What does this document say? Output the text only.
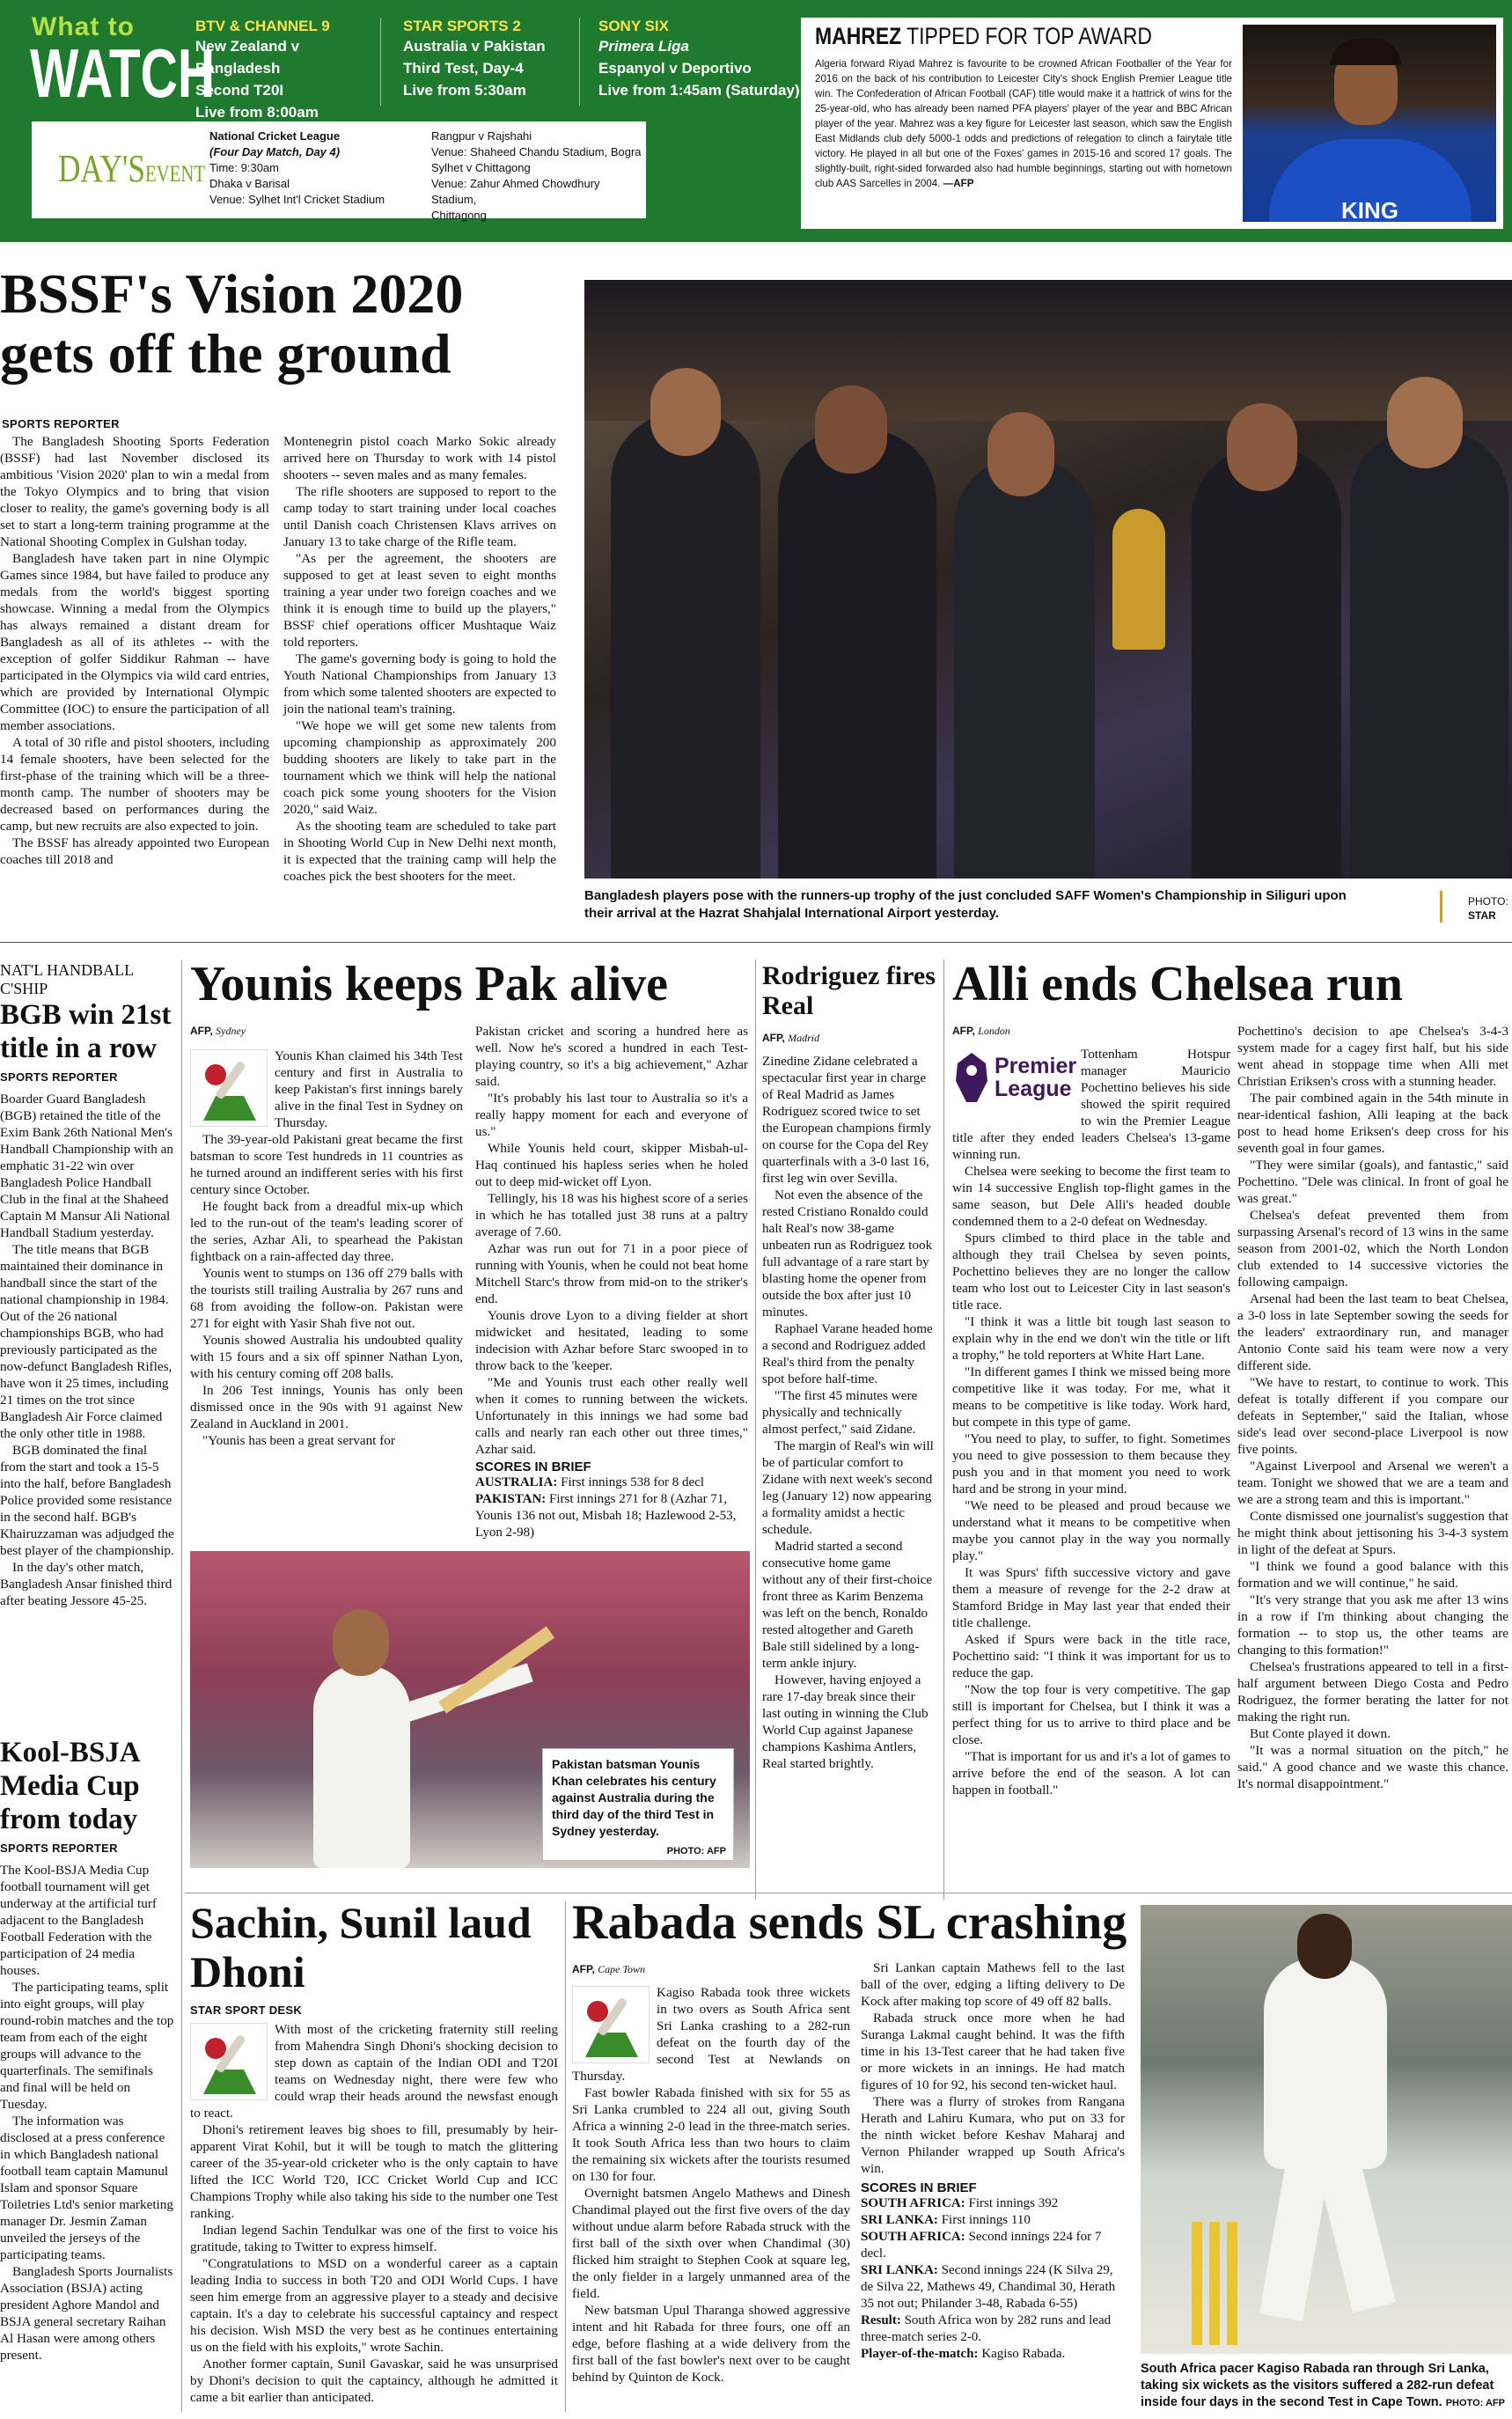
What to
WATCH
BTV & CHANNEL 9
New Zealand v Bangladesh
Second T20I
Live from 8:00am
STAR SPORTS 2
Australia v Pakistan
Third Test, Day-4
Live from 5:30am
SONY SIX
Primera Liga
Espanyol v Deportivo
Live from 1:45am (Saturday)
DAY'SEVENT
National Cricket League
(Four Day Match, Day 4)
Time: 9:30am
Dhaka v Barisal
Venue: Sylhet Int'l Cricket Stadium
Rangpur v Rajshahi
Venue: Shaheed Chandu Stadium, Bogra
Sylhet v Chittagong
Venue: Zahur Ahmed Chowdhury Stadium,
Chittagong
MAHREZ TIPPED FOR TOP AWARD
Algeria forward Riyad Mahrez is favourite to be crowned African Footballer of the Year for 2016 on the back of his contribution to Leicester City's shock English Premier League title win. The Confederation of African Football (CAF) title would make it a hattrick of wins for the 25-year-old, who has already been named PFA players' player of the year and BBC African player of the year. Mahrez was a key figure for Leicester last season, which saw the English East Midlands club defy 5000-1 odds and predictions of relegation to clinch a fairytale title victory. He played in all but one of the Foxes' games in 2015-16 and scored 17 goals. The slightly-built, right-sided forwarded also had humble beginnings, starting out with hometown club AAS Sarcelles in 2004. —AFP
KING
BSSF's Vision 2020 gets off the ground
SPORTS REPORTER

The Bangladesh Shooting Sports Federation (BSSF) had last November disclosed its ambitious 'Vision 2020' plan to win a medal from the Tokyo Olympics and to bring that vision closer to reality, the game's governing body is all set to start a long-term training programme at the National Shooting Complex in Gulshan today.

Bangladesh have taken part in nine Olympic Games since 1984, but have failed to produce any medals from the world's biggest sporting showcase. Winning a medal from the Olympics has always remained a distant dream for Bangladesh as all of its athletes -- with the exception of golfer Siddikur Rahman -- have participated in the Olympics via wild card entries, which are provided by International Olympic Committee (IOC) to ensure the participation of all member associations.

A total of 30 rifle and pistol shooters, including 14 female shooters, have been selected for the first-phase of the training which will be a three-month camp. The number of shooters may be decreased based on performances during the camp, but new recruits are also expected to join.

The BSSF has already appointed two European coaches till 2018 and

Montenegrin pistol coach Marko Sokic already arrived here on Thursday to work with 14 pistol shooters -- seven males and as many females.

The rifle shooters are supposed to report to the camp today to start training under local coaches until Danish coach Christensen Klavs arrives on January 13 to take charge of the Rifle team.

"As per the agreement, the shooters are supposed to get at least seven to eight months training a year under two foreign coaches and we think it is enough time to build up the players," BSSF chief operations officer Mushtaque Waiz told reporters.

The game's governing body is going to hold the Youth National Championships from January 13 from which some talented shooters are expected to join the national team's training.

"We hope we will get some new talents from upcoming championship as approximately 200 budding shooters are likely to take part in the tournament which we think will help the national coach pick some young shooters for the Vision 2020," said Waiz.

As the shooting team are scheduled to take part in Shooting World Cup in New Delhi next month, it is expected that the training camp will help the coaches pick the best shooters for the meet.

Bangladesh players pose with the runners-up trophy of the just concluded SAFF Women's Championship in Siliguri upon their arrival at the Hazrat Shahjalal International Airport yesterday.
PHOTO:
STAR
NAT'L HANDBALL C'SHIP
BGB win 21st title in a row
SPORTS REPORTER

Boarder Guard Bangladesh (BGB) retained the title of the Exim Bank 26th National Men's Handball Championship with an emphatic 31-22 win over Bangladesh Police Handball Club in the final at the Shaheed Captain M Mansur Ali National Handball Stadium yesterday.

The title means that BGB maintained their dominance in handball since the start of the national championship in 1984. Out of the 26 national championships BGB, who had previously participated as the now-defunct Bangladesh Rifles, have won it 25 times, including 21 times on the trot since Bangladesh Air Force claimed the only other title in 1988.

BGB dominated the final from the start and took a 15-5 into the half, before Bangladesh Police provided some resistance in the second half. BGB's Khairuzzaman was adjudged the best player of the championship.

In the day's other match, Bangladesh Ansar finished third after beating Jessore 45-25.

Kool-BSJA Media Cup from today
SPORTS REPORTER

The Kool-BSJA Media Cup football tournament will get underway at the artificial turf adjacent to the Bangladesh Football Federation with the participation of 24 media houses.

The participating teams, split into eight groups, will play round-robin matches and the top team from each of the eight groups will advance to the quarterfinals. The semifinals and final will be held on Tuesday.

The information was disclosed at a press conference in which Bangladesh national football team captain Mamunul Islam and sponsor Square Toiletries Ltd's senior marketing manager Dr. Jesmin Zaman unveiled the jerseys of the participating teams.

Bangladesh Sports Journalists Association (BSJA) acting president Aghore Mandol and BSJA general secretary Raihan Al Hasan were among others present.

Younis keeps Pak alive
AFP, Sydney

Younis Khan claimed his 34th Test century and first in Australia to keep Pakistan's first innings barely alive in the final Test in Sydney on Thursday.

The 39-year-old Pakistani great became the first batsman to score Test hundreds in 11 countries as he turned around an indifferent series with his first century since October.

He fought back from a dreadful mix-up which led to the run-out of the team's leading scorer of the series, Azhar Ali, to spearhead the Pakistan fightback on a rain-affected day three.

Younis went to stumps on 136 off 279 balls with the tourists still trailing Australia by 267 runs and 68 from avoiding the follow-on. Pakistan were 271 for eight with Yasir Shah five not out.

Younis showed Australia his undoubted quality with 15 fours and a six off spinner Nathan Lyon, with his century coming off 208 balls.

In 206 Test innings, Younis has only been dismissed once in the 90s with 91 against New Zealand in Auckland in 2001.

"Younis has been a great servant for

Pakistan cricket and scoring a hundred here as well. Now he's scored a hundred in each Test-playing country, so it's a big achievement," Azhar said.

"It's probably his last tour to Australia so it's a really happy moment for each and everyone of us."

While Younis held court, skipper Misbah-ul-Haq continued his hapless series when he holed out to deep mid-wicket off Lyon.

Tellingly, his 18 was his highest score of a series in which he has totalled just 38 runs at a paltry average of 7.60.

Azhar was run out for 71 in a poor piece of running with Younis, when he could not beat home Mitchell Starc's throw from mid-on to the striker's end.

Younis drove Lyon to a diving fielder at short midwicket and hesitated, leading to some indecision with Azhar before Starc swooped in to throw back to the 'keeper.

"Me and Younis trust each other really well when it comes to running between the wickets. Unfortunately in this innings we had some bad calls and nearly ran each other out three times," Azhar said.

SCORES IN BRIEF
AUSTRALIA: First innings 538 for 8 decl
PAKISTAN: First innings 271 for 8 (Azhar 71, Younis 136 not out, Misbah 18; Hazlewood 2-53, Lyon 2-98)
Pakistan batsman Younis Khan celebrates his century against Australia during the third day of the third Test in Sydney yesterday.
PHOTO: AFP
Rodriguez fires Real
AFP, Madrid

Zinedine Zidane celebrated a spectacular first year in charge of Real Madrid as James Rodriguez scored twice to set the European champions firmly on course for the Copa del Rey quarterfinals with a 3-0 last 16, first leg win over Sevilla.

Not even the absence of the rested Cristiano Ronaldo could halt Real's now 38-game unbeaten run as Rodriguez took full advantage of a rare start by blasting home the opener from outside the box after just 10 minutes.

Raphael Varane headed home a second and Rodriguez added Real's third from the penalty spot before half-time.

"The first 45 minutes were physically and technically almost perfect," said Zidane.

The margin of Real's win will be of particular comfort to Zidane with next week's second leg (January 12) now appearing a formality amidst a hectic schedule.

Madrid started a second consecutive home game without any of their first-choice front three as Karim Benzema was left on the bench, Ronaldo rested altogether and Gareth Bale still sidelined by a long-term ankle injury.

However, having enjoyed a rare 17-day break since their last outing in winning the Club World Cup against Japanese champions Kashima Antlers, Real started brightly.

Alli ends Chelsea run
AFP, London
Premier
League

Tottenham Hotspur manager Mauricio Pochettino believes his side showed the spirit required to win the Premier League title after they ended leaders Chelsea's 13-game winning run.

Chelsea were seeking to become the first team to win 14 successive English top-flight games in the same season, but Dele Alli's headed double condemned them to a 2-0 defeat on Wednesday.

Spurs climbed to third place in the table and although they trail Chelsea by seven points, Pochettino believes they are no longer the callow team who lost out to Leicester City in last season's title race.

"I think it was a little bit tough last season to explain why in the end we don't win the title or lift a trophy," he told reporters at White Hart Lane.

"In different games I think we missed being more competitive like it was today. For me, what it means to be competitive is like today. Work hard, but compete in this type of game.

"You need to play, to suffer, to fight. Sometimes you need to give possession to them because they push you and in that moment you need to work hard and be strong in your mind.

"We need to be pleased and proud because we understand what it means to be competitive when maybe you cannot play in the way you normally play."

It was Spurs' fifth successive victory and gave them a measure of revenge for the 2-2 draw at Stamford Bridge in May last year that ended their title challenge.

Asked if Spurs were back in the title race, Pochettino said: "I think it was important for us to reduce the gap.

"Now the top four is very competitive. The gap still is important for Chelsea, but I think it was a perfect thing for us to arrive to third place and be close.

"That is important for us and it's a lot of games to arrive before the end of the season. A lot can happen in football."

Pochettino's decision to ape Chelsea's 3-4-3 system made for a cagey first half, but his side went ahead in stoppage time when Alli met Christian Eriksen's cross with a stunning header.

The pair combined again in the 54th minute in near-identical fashion, Alli leaping at the back post to head home Eriksen's deep cross for his seventh goal in four games.

"They were similar (goals), and fantastic," said Pochettino. "Dele was clinical. In front of goal he was great."

Chelsea's defeat prevented them from surpassing Arsenal's record of 13 wins in the same season from 2001-02, which the North London club extended to 14 successive victories the following campaign.

Arsenal had been the last team to beat Chelsea, a 3-0 loss in late September sowing the seeds for the leaders' extraordinary run, and manager Antonio Conte said his team were now a very different side.

"We have to restart, to continue to work. This defeat is totally different if you compare our defeats in September," said the Italian, whose side's lead over second-place Liverpool is now five points.

"Against Liverpool and Arsenal we weren't a team. Tonight we showed that we are a team and we are a strong team and this is important."

Conte dismissed one journalist's suggestion that he might think about jettisoning his 3-4-3 system in light of the defeat at Spurs.

"I think we found a good balance with this formation and we will continue," he said.

"It's very strange that you ask me after 13 wins in a row if I'm thinking about changing the formation -- to stop us, the other teams are changing to this formation!"

Chelsea's frustrations appeared to tell in a first-half argument between Diego Costa and Pedro Rodriguez, the former berating the latter for not making the right run.

But Conte played it down.

"It was a normal situation on the pitch," he said." A good chance and we waste this chance. It's normal disappointment."

Sachin, Sunil laud Dhoni
STAR SPORT DESK

With most of the cricketing fraternity still reeling from Mahendra Singh Dhoni's shocking decision to step down as captain of the Indian ODI and T20I teams on Wednesday night, there were few who could wrap their heads around the newsfast enough to react.

Dhoni's retirement leaves big shoes to fill, presumably by heir-apparent Virat Kohil, but it will be tough to match the glittering career of the 35-year-old cricketer who is the only captain to have lifted the ICC World T20, ICC Cricket World Cup and ICC Champions Trophy while also taking his side to the number one Test ranking.

Indian legend Sachin Tendulkar was one of the first to voice his gratitude, taking to Twitter to express himself.

"Congratulations to MSD on a wonderful career as a captain leading India to success in both T20 and ODI World Cups. I have seen him emerge from an aggressive player to a steady and decisive captain. It's a day to celebrate his successful captaincy and respect his decision. Wish MSD the very best as he continues entertaining us on the field with his exploits," wrote Sachin.

Another former captain, Sunil Gavaskar, said he was unsurprised by Dhoni's decision to quit the captaincy, although he admitted it came a bit earlier than anticipated.

Rabada sends SL crashing
AFP, Cape Town

Kagiso Rabada took three wickets in two overs as South Africa sent Sri Lanka crashing to a 282-run defeat on the fourth day of the second Test at Newlands on Thursday.

Fast bowler Rabada finished with six for 55 as Sri Lanka crumbled to 224 all out, giving South Africa a winning 2-0 lead in the three-match series. It took South Africa less than two hours to claim the remaining six wickets after the tourists resumed on 130 for four.

Overnight batsmen Angelo Mathews and Dinesh Chandimal played out the first five overs of the day without undue alarm before Rabada struck with the first ball of the sixth over when Chandimal (30) flicked him straight to Stephen Cook at square leg, the only fielder in a largely unmanned area of the field.

New batsman Upul Tharanga showed aggressive intent and hit Rabada for three fours, one off an edge, before flashing at a wide delivery from the first ball of the fast bowler's next over to be caught behind by Quinton de Kock.

Sri Lankan captain Mathews fell to the last ball of the over, edging a lifting delivery to De Kock after making top score of 49 off 82 balls.

Rabada struck once more when he had Suranga Lakmal caught behind. It was the fifth time in his 13-Test career that he had taken five or more wickets in an innings. He had match figures of 10 for 92, his second ten-wicket haul.

There was a flurry of strokes from Rangana Herath and Lahiru Kumara, who put on 33 for the ninth wicket before Keshav Maharaj and Vernon Philander wrapped up South Africa's win.

SCORES IN BRIEF
SOUTH AFRICA: First innings 392
SRI LANKA: First innings 110
SOUTH AFRICA: Second innings 224 for 7 decl.
SRI LANKA: Second innings 224 (K Silva 29, de Silva 22, Mathews 49, Chandimal 30, Herath 35 not out; Philander 3-48, Rabada 6-55)
Result: South Africa won by 282 runs and lead three-match series 2-0.
Player-of-the-match: Kagiso Rabada.
South Africa pacer Kagiso Rabada ran through Sri Lanka, taking six wickets as the visitors suffered a 282-run defeat inside four days in the second Test in Cape Town. PHOTO: AFP
